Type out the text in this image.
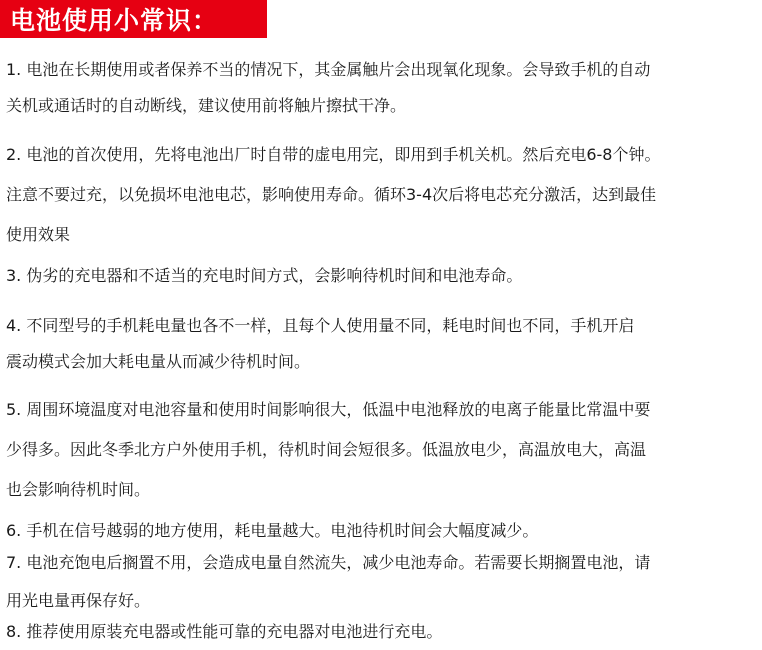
电池使用小常识：
1. 电池在长期使用或者保养不当的情况下，其金属触片会出现氧化现象。会导致手机的自动
关机或通话时的自动断线，建议使用前将触片擦拭干净。
2. 电池的首次使用，先将电池出厂时自带的虚电用完，即用到手机关机。然后充电6-8个钟。
注意不要过充，以免损坏电池电芯，影响使用寿命。循环3-4次后将电芯充分激活，达到最佳
使用效果
3. 伪劣的充电器和不适当的充电时间方式，会影响待机时间和电池寿命。
4. 不同型号的手机耗电量也各不一样，且每个人使用量不同，耗电时间也不同，手机开启
震动模式会加大耗电量从而减少待机时间。
5. 周围环境温度对电池容量和使用时间影响很大，低温中电池释放的电离子能量比常温中要
少得多。因此冬季北方户外使用手机，待机时间会短很多。低温放电少，高温放电大，高温
也会影响待机时间。
6. 手机在信号越弱的地方使用，耗电量越大。电池待机时间会大幅度减少。
7. 电池充饱电后搁置不用，会造成电量自然流失，减少电池寿命。若需要长期搁置电池，请
用光电量再保存好。
8. 推荐使用原装充电器或性能可靠的充电器对电池进行充电。
